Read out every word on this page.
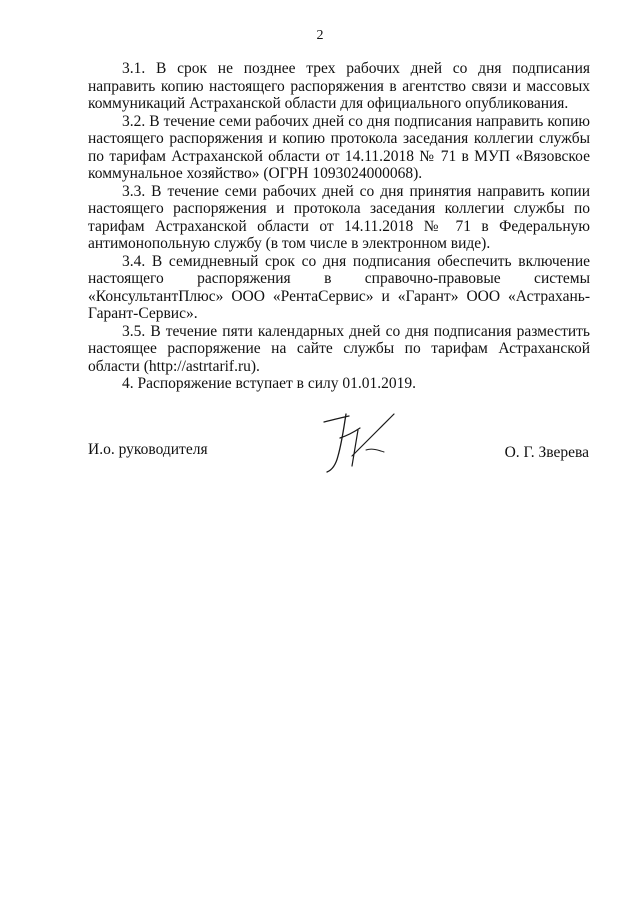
2

3.1. В срок не позднее трех рабочих дней со дня подписания направить копию настоящего распоряжения в агентство связи и массовых коммуникаций Астраханской области для официального опубликования.

3.2. В течение семи рабочих дней со дня подписания направить копию настоящего распоряжения и копию протокола заседания коллегии службы по тарифам Астраханской области от 14.11.2018 № 71 в МУП «Вязовское коммунальное хозяйство» (ОГРН 1093024000068).

3.3. В течение семи рабочих дней со дня принятия направить копии настоящего распоряжения и протокола заседания коллегии службы по тарифам Астраханской области от 14.11.2018 № 71 в Федеральную антимонопольную службу (в том числе в электронном виде).

3.4. В семидневный срок со дня подписания обеспечить включение настоящего распоряжения в справочно-правовые системы «КонсультантПлюс» ООО «РентаСервис» и «Гарант» ООО «Астрахань-Гарант-Сервис».

3.5. В течение пяти календарных дней со дня подписания разместить настоящее распоряжение на сайте службы по тарифам Астраханской области (http://astrtarif.ru).

4. Распоряжение вступает в силу 01.01.2019.

И.о. руководителя	О. Г. Зверева
